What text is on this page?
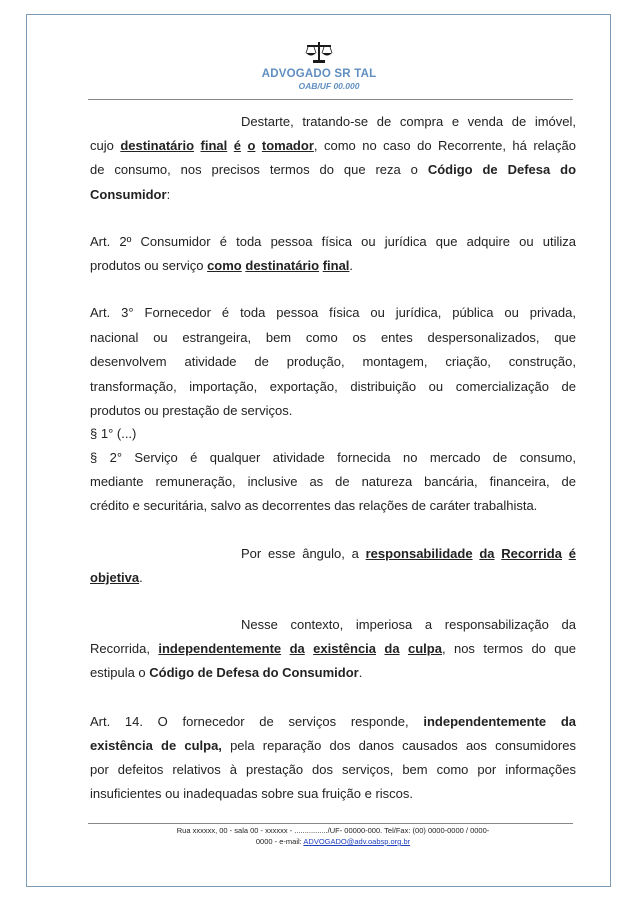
ADVOGADO SR TAL
OAB/UF 00.000
Destarte, tratando-se de compra e venda de imóvel,
cujo destinatário final é o tomador, como no caso do Recorrente, há relação
de consumo, nos precisos termos do que reza o Código de Defesa do
Consumidor:
Art. 2º Consumidor é toda pessoa física ou jurídica que adquire ou utiliza
produtos ou serviço como destinatário final.
Art. 3° Fornecedor é toda pessoa física ou jurídica, pública ou privada,
nacional ou estrangeira, bem como os entes despersonalizados, que
desenvolvem atividade de produção, montagem, criação, construção,
transformação, importação, exportação, distribuição ou comercialização de
produtos ou prestação de serviços.
§ 1° (...)
§ 2° Serviço é qualquer atividade fornecida no mercado de consumo,
mediante remuneração, inclusive as de natureza bancária, financeira, de
crédito e securitária, salvo as decorrentes das relações de caráter trabalhista.
Por esse ângulo, a responsabilidade da Recorrida é
objetiva.
Nesse contexto, imperiosa a responsabilização da
Recorrida, independentemente da existência da culpa, nos termos do que
estipula o Código de Defesa do Consumidor.
Art. 14. O fornecedor de serviços responde, independentemente da
existência de culpa, pela reparação dos danos causados aos consumidores
por defeitos relativos à prestação dos serviços, bem como por informações
insuficientes ou inadequadas sobre sua fruição e riscos.
Rua xxxxxx, 00 - sala 00 - xxxxxx - ................/UF- 00000-000. Tel/Fax: (00) 0000-0000 / 0000-
0000 - e-mail: ADVOGADO@adv.oabsp.org.br
